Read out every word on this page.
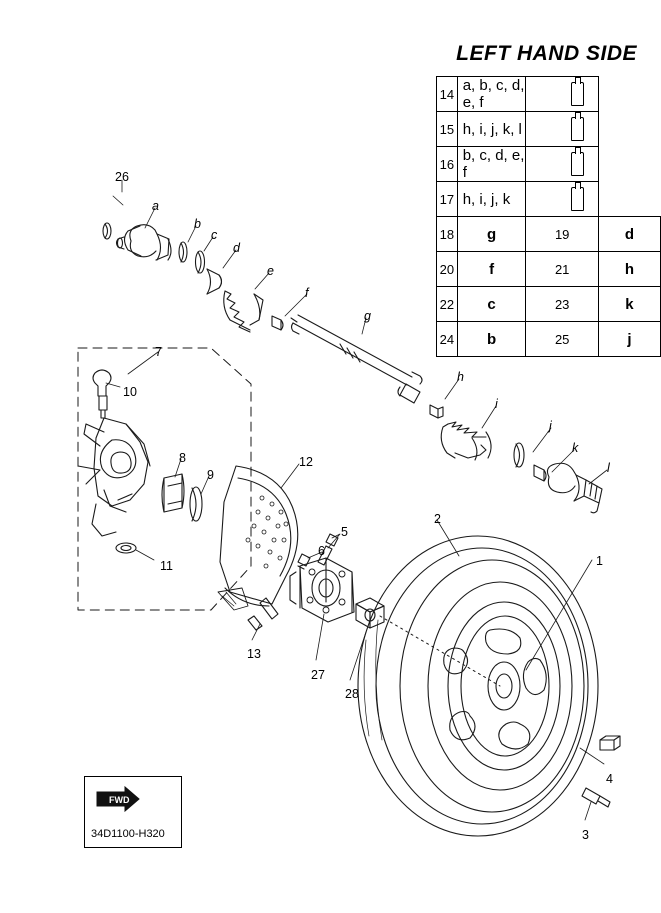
LEFT HAND SIDE
14	a, b, c, d, e, f		
15	h, i, j, k, l		
16	b, c, d, e, f		
17	h, i, j, k		
18	g	19	d
20	f	21	h
22	c	23	k
24	b	25	j
FWD
34D1100-H320
26
a
b
c
d
e
f
g
h
i
j
k
l
7
10
8
9
12
11
5
6
13
27
28
2
1
4
3
